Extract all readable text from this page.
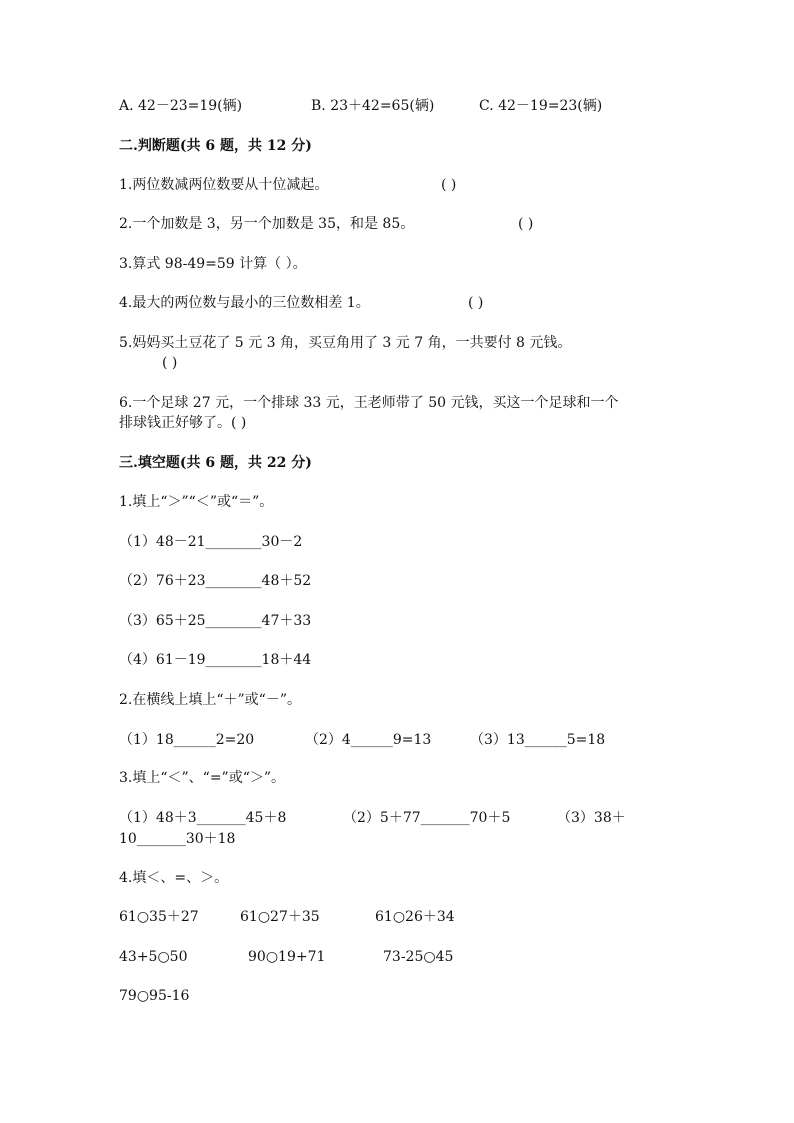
A. 42－23=19(辆)	B. 23＋42=65(辆)	C. 42－19=23(辆)
二.判断题(共 6 题，共 12 分)
1.两位数减两位数要从十位减起。	( )
2.一个加数是 3，另一个加数是 35，和是 85。	( )
3.算式 98-49=59 计算（ ）。
4.最大的两位数与最小的三位数相差 1。	( )
5.妈妈买土豆花了 5 元 3 角，买豆角用了 3 元 7 角，一共要付 8 元钱。
( )
6.一个足球 27 元，一个排球 33 元，王老师带了 50 元钱，买这一个足球和一个
排球钱正好够了。( )
三.填空题(共 6 题，共 22 分)
1.填上“＞”“＜”或“＝”。
（1）48－21________30－2
（2）76＋23________48＋52
（3）65＋25________47＋33
（4）61－19________18＋44
2.在横线上填上“＋”或“－”。
（1）18______2=20	（2）4______9=13	（3）13______5=18
3.填上“＜”、“=”或“＞”。
（1）48＋3_______45＋8	（2）5＋77_______70＋5	（3）38＋
10_______30＋18
4.填＜、=、＞。
61○35＋27	61○27＋35	61○26＋34
43+5○50	90○19+71	73-25○45
79○95-16
